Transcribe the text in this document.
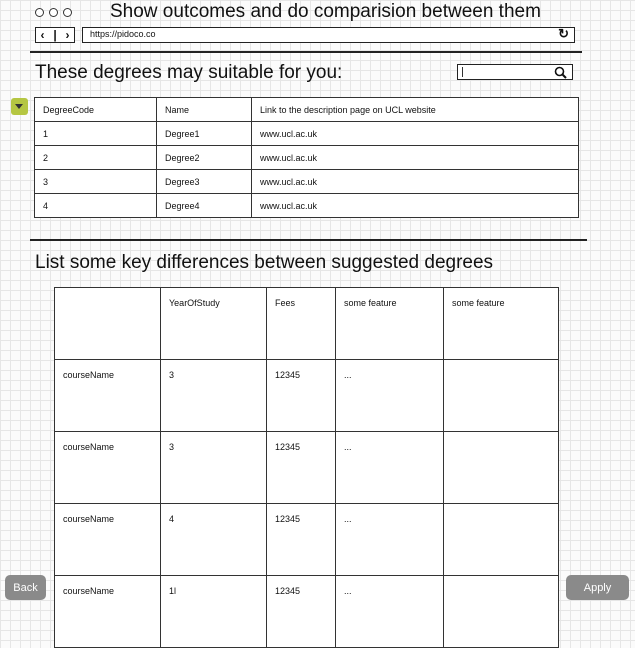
Show outcomes and do comparision between them
‹ | ›	https://pidoco.co	↻
These degrees may suitable for you:
DegreeCode	Name	Link to the description page on UCL website
1	Degree1	www.ucl.ac.uk
2	Degree2	www.ucl.ac.uk
3	Degree3	www.ucl.ac.uk
4	Degree4	www.ucl.ac.uk
List some key differences between suggested degrees
	YearOfStudy	Fees	some feature	some feature
courseName	3	12345	...	
courseName	3	12345	...	
courseName	4	12345	...	
courseName	1l	12345	...	
Back	Apply
